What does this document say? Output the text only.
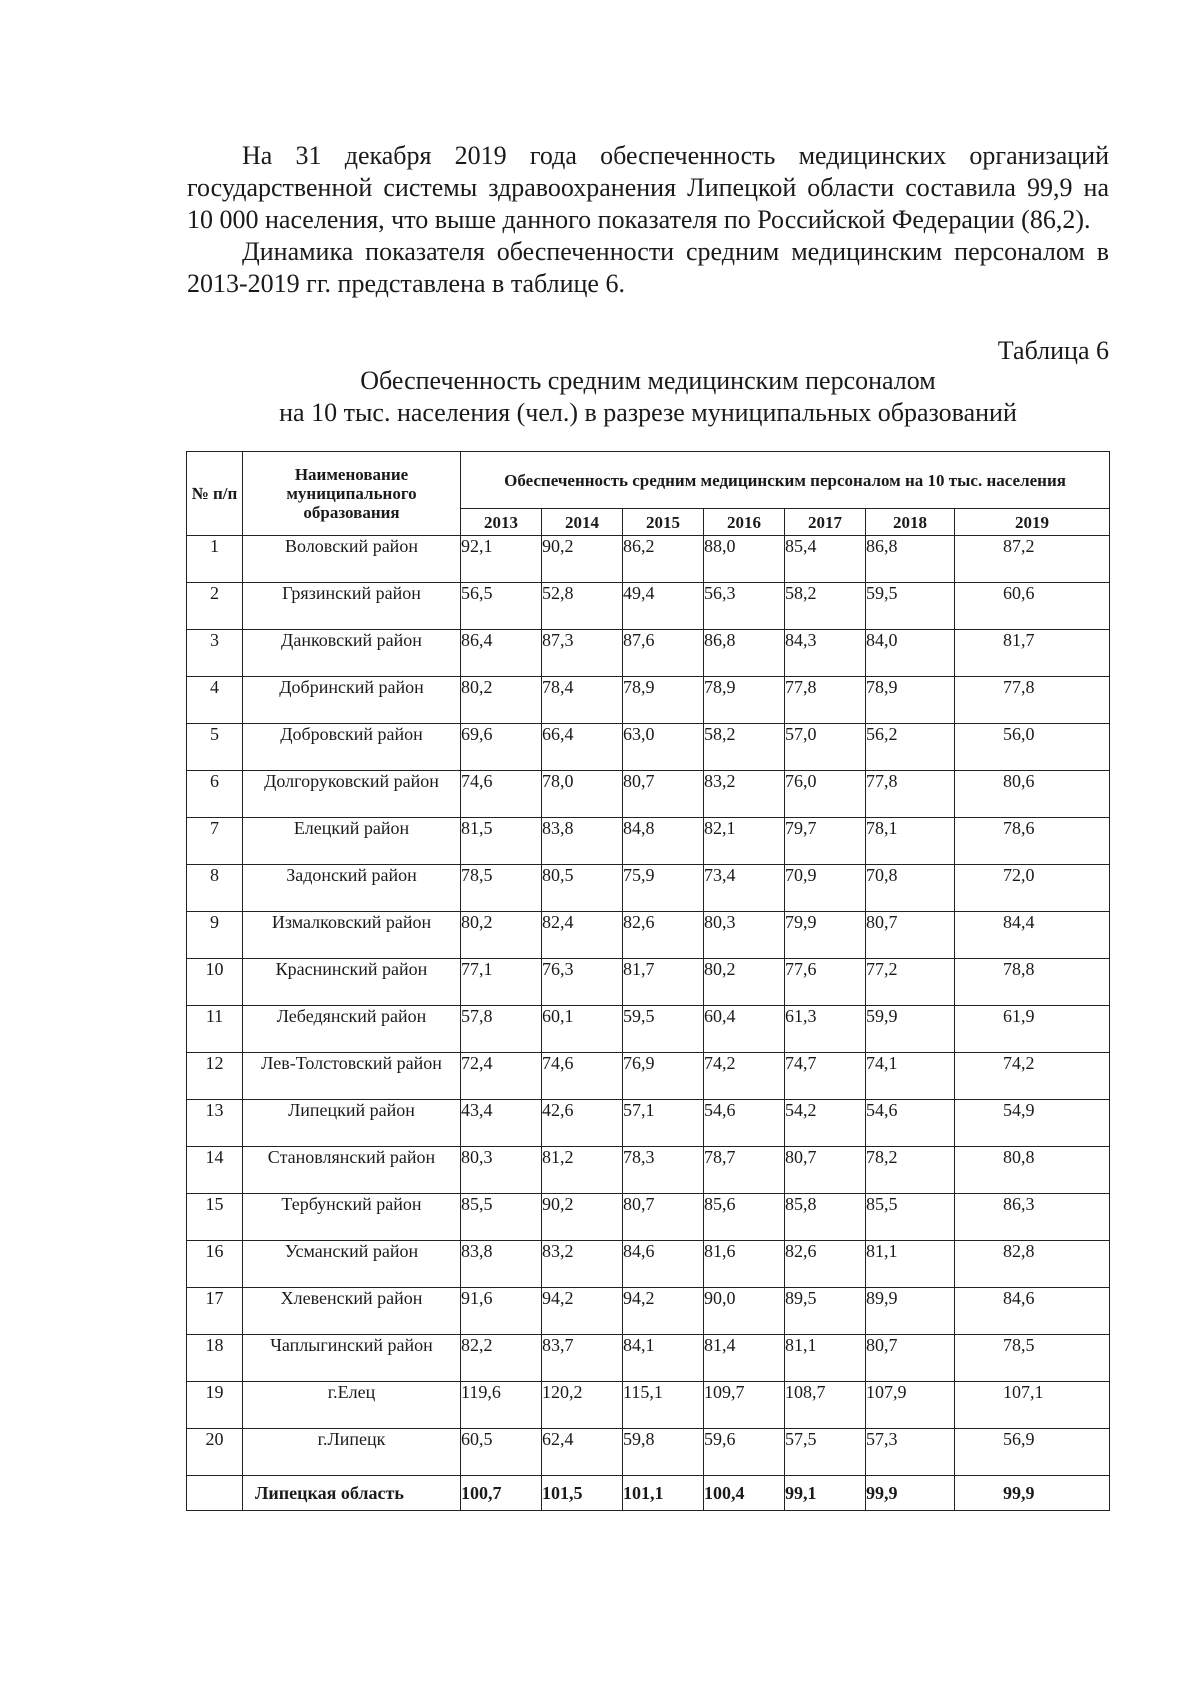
На 31 декабря 2019 года обеспеченность медицинских организаций государственной системы здравоохранения Липецкой области составила 99,9 на 10 000 населения, что выше данного показателя по Российской Федерации (86,2).

Динамика показателя обеспеченности средним медицинским персоналом в 2013-2019 гг. представлена в таблице 6.

Таблица 6
Обеспеченность средним медицинским персоналом
на 10 тыс. населения (чел.) в разрезе муниципальных образований
№ п/п	Наименование муниципального образования	Обеспеченность средним медицинским персоналом на 10 тыс. населения						
		2013	2014	2015	2016	2017	2018	2019
1	Воловский район	92,1	90,2	86,2	88,0	85,4	86,8	87,2
2	Грязинский район	56,5	52,8	49,4	56,3	58,2	59,5	60,6
3	Данковский район	86,4	87,3	87,6	86,8	84,3	84,0	81,7
4	Добринский район	80,2	78,4	78,9	78,9	77,8	78,9	77,8
5	Добровский район	69,6	66,4	63,0	58,2	57,0	56,2	56,0
6	Долгоруковский район	74,6	78,0	80,7	83,2	76,0	77,8	80,6
7	Елецкий район	81,5	83,8	84,8	82,1	79,7	78,1	78,6
8	Задонский район	78,5	80,5	75,9	73,4	70,9	70,8	72,0
9	Измалковский район	80,2	82,4	82,6	80,3	79,9	80,7	84,4
10	Краснинский район	77,1	76,3	81,7	80,2	77,6	77,2	78,8
11	Лебедянский район	57,8	60,1	59,5	60,4	61,3	59,9	61,9
12	Лев-Толстовский район	72,4	74,6	76,9	74,2	74,7	74,1	74,2
13	Липецкий район	43,4	42,6	57,1	54,6	54,2	54,6	54,9
14	Становлянский район	80,3	81,2	78,3	78,7	80,7	78,2	80,8
15	Тербунский район	85,5	90,2	80,7	85,6	85,8	85,5	86,3
16	Усманский район	83,8	83,2	84,6	81,6	82,6	81,1	82,8
17	Хлевенский район	91,6	94,2	94,2	90,0	89,5	89,9	84,6
18	Чаплыгинский район	82,2	83,7	84,1	81,4	81,1	80,7	78,5
19	г.Елец	119,6	120,2	115,1	109,7	108,7	107,9	107,1
20	г.Липецк	60,5	62,4	59,8	59,6	57,5	57,3	56,9
	Липецкая область	100,7	101,5	101,1	100,4	99,1	99,9	99,9
